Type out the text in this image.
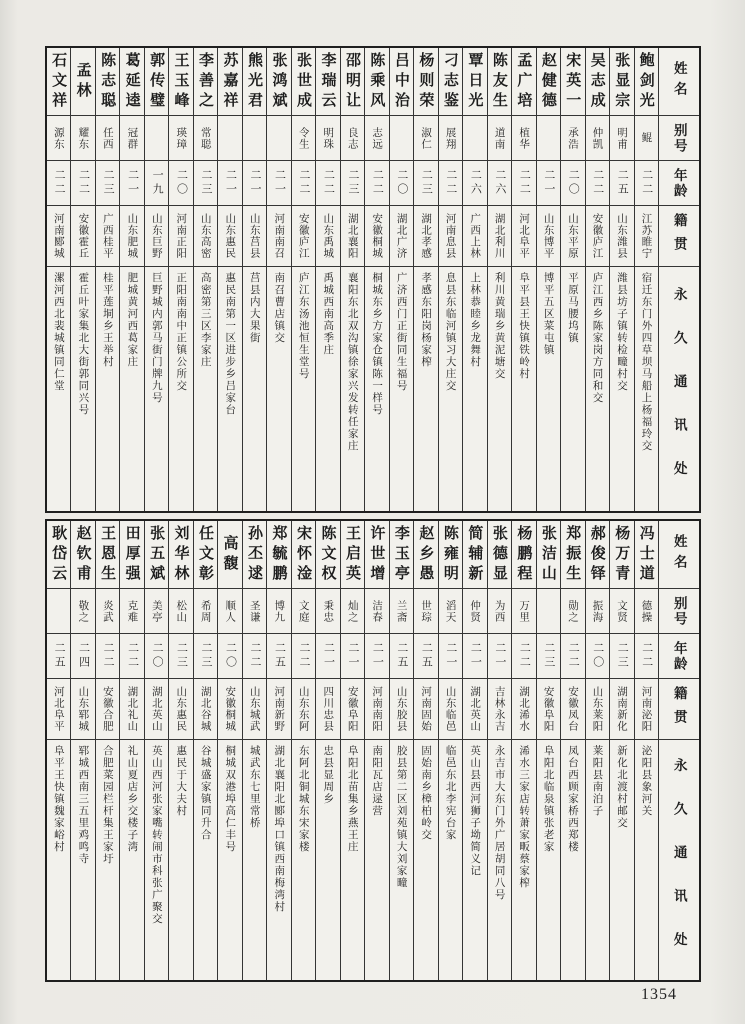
姓名
别号
年龄
籍贯
永久通讯处
鲍剑光
鲲
二二
江苏睢宁
宿迁东门外四草坝马船上杨福玲交
张显宗
明甫
二五
山东潍县
潍县坊子镇转检疃村交
吴志成
仲凯
二二
安徽庐江
庐江西乡陈家岗方同和交
宋英一
承浩
二〇
山东平原
平原马腰坞镇
赵健德
二一
山东博平
博平五区菜屯镇
孟广培
植华
二二
河北阜平
阜平县王快镇铁岭村
陈友生
道南
二六
湖北利川
利川黄瑞乡黄泥塘交
覃日光
二六
广西上林
上林恭睦乡龙舞村
刁志鉴
展翔
二二
河南息县
息县东临河镇习大庄交
杨则荣
淑仁
二三
湖北孝感
孝感东阳岗杨家榨
吕中治
二〇
湖北广济
广济西门正街同生福号
陈乘风
志远
二二
安徽桐城
桐城东乡方家仓镇陈一样号
邵明让
良志
二三
湖北襄阳
襄阳东北双沟镇徐家兴发转任家庄
李瑞云
明珠
二二
山东禹城
禹城西南高季庄
张世成
令生
二二
安徽庐江
庐江东汤池恒生堂号
张鸿斌
二一
河南南召
南召曹店镇交
熊光君
二一
山东莒县
莒县内大果街
苏嘉祥
二一
山东惠民
惠民南第一区进步乡吕家台
李善之
常聪
二三
山东高密
高密第三区李家庄
王玉峰
瑛璋
二〇
河南正阳
正阳南南中正镇公所交
郭传璧
一九
山东巨野
巨野城内郭马街门牌九号
葛延逵
冠群
二一
山东肥城
肥城黄河西葛家庄
陈志聪
任西
二三
广西桂平
桂平莲垌乡王举村
孟林
耀东
二二
安徽霍丘
霍丘叶家集北大街郭同兴号
石文祥
源东
二二
河南郾城
漯河西北裴城镇同仁堂
姓名
别号
年龄
籍贯
永久通讯处
冯士道
德操
二二
河南泌阳
泌阳县象河关
杨万青
文贤
二三
湖南新化
新化北渡村邮交
郝俊铎
振海
二〇
山东莱阳
莱阳县南泊子
郑振生
勋之
二二
安徽凤台
凤台西顾家桥西郑楼
张洁山
二三
安徽阜阳
阜阳北临泉镇张老家
杨鹏程
万里
二二
湖北浠水
浠水三家店转萧家畈蔡家榨
张德显
为西
二一
吉林永吉
永吉市大东门外广居胡同八号
简辅新
仲贤
二一
湖北英山
英山县西河狮子坳简义记
陈雍明
滔天
二一
山东临邑
临邑东北李宪台家
赵乡愚
世琮
二五
河南固始
固始南乡樟柏岭交
李玉亭
兰斋
二五
山东胶县
胶县第二区刘苑镇大刘家疃
许世增
洁春
二一
河南南阳
南阳瓦店逯营
王启英
灿之
二一
安徽阜阳
阜阳北苗集乡燕王庄
陈文权
秉忠
二一
四川忠县
忠县显周乡
宋怀淦
文庭
二二
山东东阿
东阿北铜城东宋家楼
郑毓鹏
博九
二五
河南新野
湖北襄阳北郾埠口镇西南梅湾村
孙丕逑
圣谦
二二
山东城武
城武东七里常桥
高馥
顺人
二〇
安徽桐城
桐城双港埠高仁丰号
任文彰
希周
二三
湖北谷城
谷城盛家镇同升合
刘华林
松山
二三
山东惠民
惠民于大夫村
张五斌
美亭
二〇
湖北英山
英山西河张家嘴转闹市科张广聚交
田厚强
克难
二二
湖北礼山
礼山夏店乡交楼子湾
王恩生
炎武
二二
安徽合肥
合肥菜园栏杆集王家圩
赵钦甫
敬之
二四
山东郓城
郓城西南三五里鸡鸣寺
耿岱云
二五
河北阜平
阜平王快镇魏家峪村
1354
